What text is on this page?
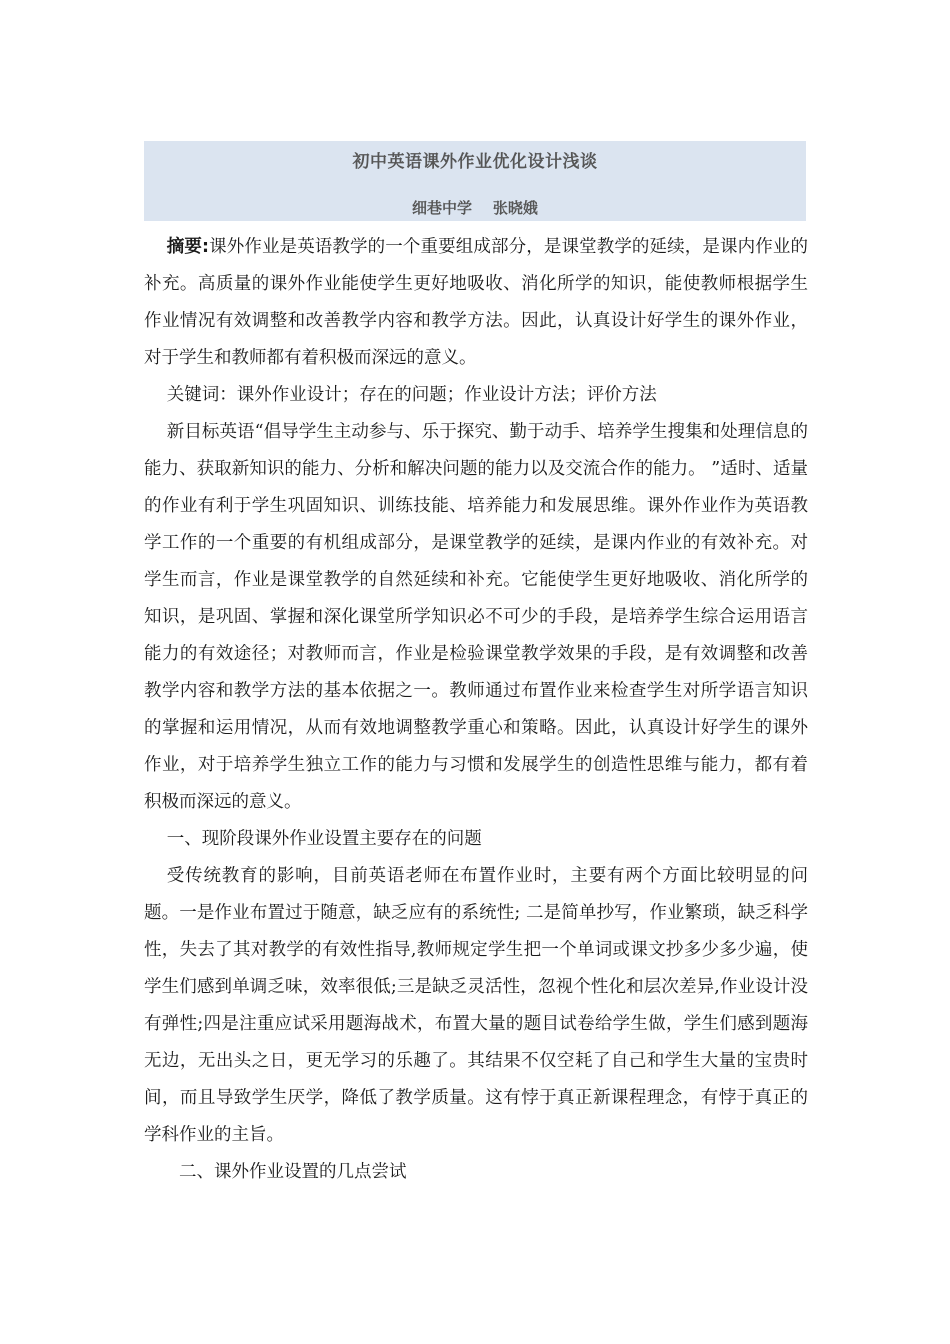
初中英语课外作业优化设计浅谈
细巷中学    张晓娥

摘要:课外作业是英语教学的一个重要组成部分，是课堂教学的延续，是课内作业的补充。高质量的课外作业能使学生更好地吸收、消化所学的知识，能使教师根据学生作业情况有效调整和改善教学内容和教学方法。因此，认真设计好学生的课外作业，对于学生和教师都有着积极而深远的意义。

关键词：课外作业设计；存在的问题；作业设计方法；评价方法

新目标英语“倡导学生主动参与、乐于探究、勤于动手、培养学生搜集和处理信息的能力、获取新知识的能力、分析和解决问题的能力以及交流合作的能力。 ”适时、适量的作业有利于学生巩固知识、训练技能、培养能力和发展思维。课外作业作为英语教学工作的一个重要的有机组成部分，是课堂教学的延续，是课内作业的有效补充。对学生而言，作业是课堂教学的自然延续和补充。它能使学生更好地吸收、消化所学的知识，是巩固、掌握和深化课堂所学知识必不可少的手段，是培养学生综合运用语言能力的有效途径；对教师而言，作业是检验课堂教学效果的手段，是有效调整和改善教学内容和教学方法的基本依据之一。教师通过布置作业来检查学生对所学语言知识的掌握和运用情况，从而有效地调整教学重心和策略。因此，认真设计好学生的课外作业，对于培养学生独立工作的能力与习惯和发展学生的创造性思维与能力，都有着积极而深远的意义。

一、现阶段课外作业设置主要存在的问题

受传统教育的影响，目前英语老师在布置作业时，主要有两个方面比较明显的问题。一是作业布置过于随意，缺乏应有的系统性; 二是简单抄写，作业繁琐，缺乏科学性，失去了其对教学的有效性指导,教师规定学生把一个单词或课文抄多少多少遍，使学生们感到单调乏味，效率很低;三是缺乏灵活性，忽视个性化和层次差异,作业设计没有弹性;四是注重应试采用题海战术，布置大量的题目试卷给学生做，学生们感到题海无边，无出头之日，更无学习的乐趣了。其结果不仅空耗了自己和学生大量的宝贵时间，而且导致学生厌学，降低了教学质量。这有悖于真正新课程理念，有悖于真正的学科作业的主旨。

二、课外作业设置的几点尝试
